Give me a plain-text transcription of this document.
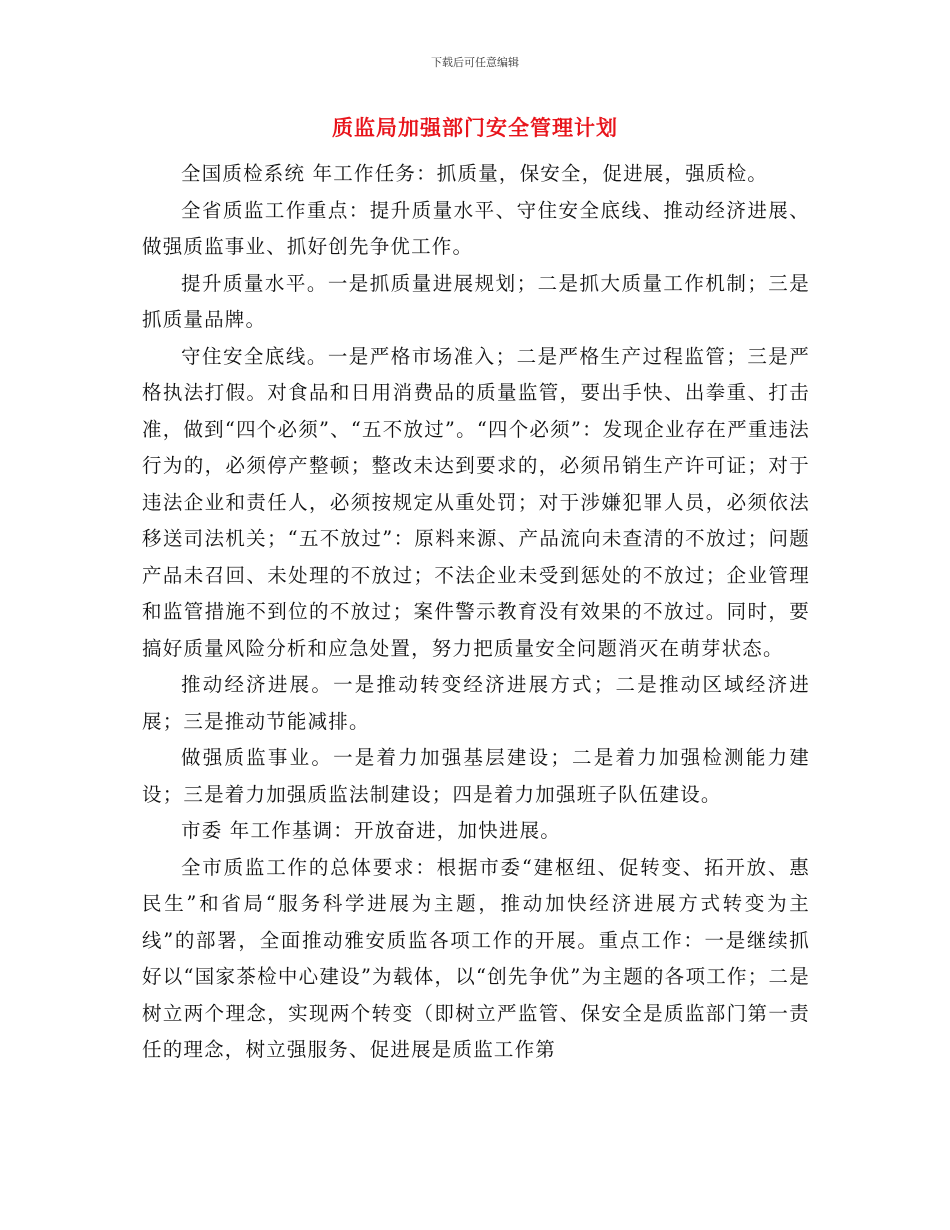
下载后可任意编辑
质监局加强部门安全管理计划

全国质检系统 年工作任务：抓质量，保安全，促进展，强质检。

全省质监工作重点：提升质量水平、守住安全底线、推动经济进展、做强质监事业、抓好创先争优工作。

提升质量水平。一是抓质量进展规划；二是抓大质量工作机制；三是抓质量品牌。

守住安全底线。一是严格市场准入；二是严格生产过程监管；三是严格执法打假。对食品和日用消费品的质量监管，要出手快、出拳重、打击准，做到“四个必须”、“五不放过”。“四个必须”：发现企业存在严重违法行为的，必须停产整顿；整改未达到要求的，必须吊销生产许可证；对于违法企业和责任人，必须按规定从重处罚；对于涉嫌犯罪人员，必须依法移送司法机关；“五不放过”：原料来源、产品流向未查清的不放过；问题产品未召回、未处理的不放过；不法企业未受到惩处的不放过；企业管理和监管措施不到位的不放过；案件警示教育没有效果的不放过。同时，要搞好质量风险分析和应急处置，努力把质量安全问题消灭在萌芽状态。

推动经济进展。一是推动转变经济进展方式；二是推动区域经济进展；三是推动节能减排。

做强质监事业。一是着力加强基层建设；二是着力加强检测能力建设；三是着力加强质监法制建设；四是着力加强班子队伍建设。

市委 年工作基调：开放奋进，加快进展。

全市质监工作的总体要求：根据市委“建枢纽、促转变、拓开放、惠民生”和省局“服务科学进展为主题，推动加快经济进展方式转变为主线”的部署，全面推动雅安质监各项工作的开展。重点工作：一是继续抓好以“国家茶检中心建设”为载体，以“创先争优”为主题的各项工作；二是树立两个理念，实现两个转变（即树立严监管、保安全是质监部门第一责任的理念，树立强服务、促进展是质监工作第
